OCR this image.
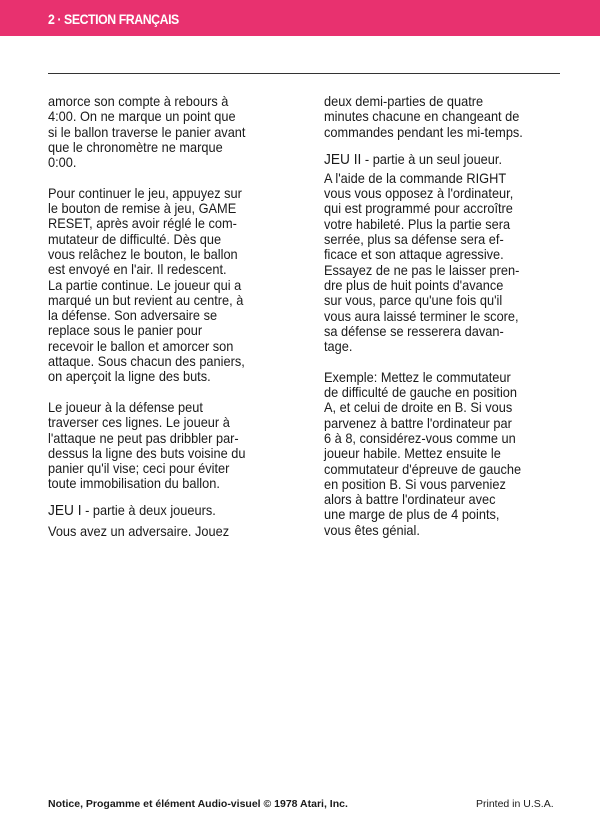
2 · SECTION FRANÇAIS
amorce son compte à rebours à
4:00. On ne marque un point que
si le ballon traverse le panier avant
que le chronomètre ne marque
0:00.
Pour continuer le jeu, appuyez sur
le bouton de remise à jeu, GAME
RESET, après avoir réglé le com-
mutateur de difficulté. Dès que
vous relâchez le bouton, le ballon
est envoyé en l'air. Il redescent.
La partie continue. Le joueur qui a
marqué un but revient au centre, à
la défense. Son adversaire se
replace sous le panier pour
recevoir le ballon et amorcer son
attaque. Sous chacun des paniers,
on aperçoit la ligne des buts.
Le joueur à la défense peut
traverser ces lignes. Le joueur à
l'attaque ne peut pas dribbler par-
dessus la ligne des buts voisine du
panier qu'il vise; ceci pour éviter
toute immobilisation du ballon.
JEU I - partie à deux joueurs.
Vous avez un adversaire. Jouez
deux demi-parties de quatre
minutes chacune en changeant de
commandes pendant les mi-temps.
JEU II - partie à un seul joueur.
A l'aide de la commande RIGHT
vous vous opposez à l'ordinateur,
qui est programmé pour accroître
votre habileté. Plus la partie sera
serrée, plus sa défense sera ef-
ficace et son attaque agressive.
Essayez de ne pas le laisser pren-
dre plus de huit points d'avance
sur vous, parce qu'une fois qu'il
vous aura laissé terminer le score,
sa défense se resserera davan-
tage.
Exemple: Mettez le commutateur
de difficulté de gauche en position
A, et celui de droite en B. Si vous
parvenez à battre l'ordinateur par
6 à 8, considérez-vous comme un
joueur habile. Mettez ensuite le
commutateur d'épreuve de gauche
en position B. Si vous parveniez
alors à battre l'ordinateur avec
une marge de plus de 4 points,
vous êtes génial.
Notice, Progamme et élément Audio-visuel © 1978 Atari, Inc.	Printed in U.S.A.
